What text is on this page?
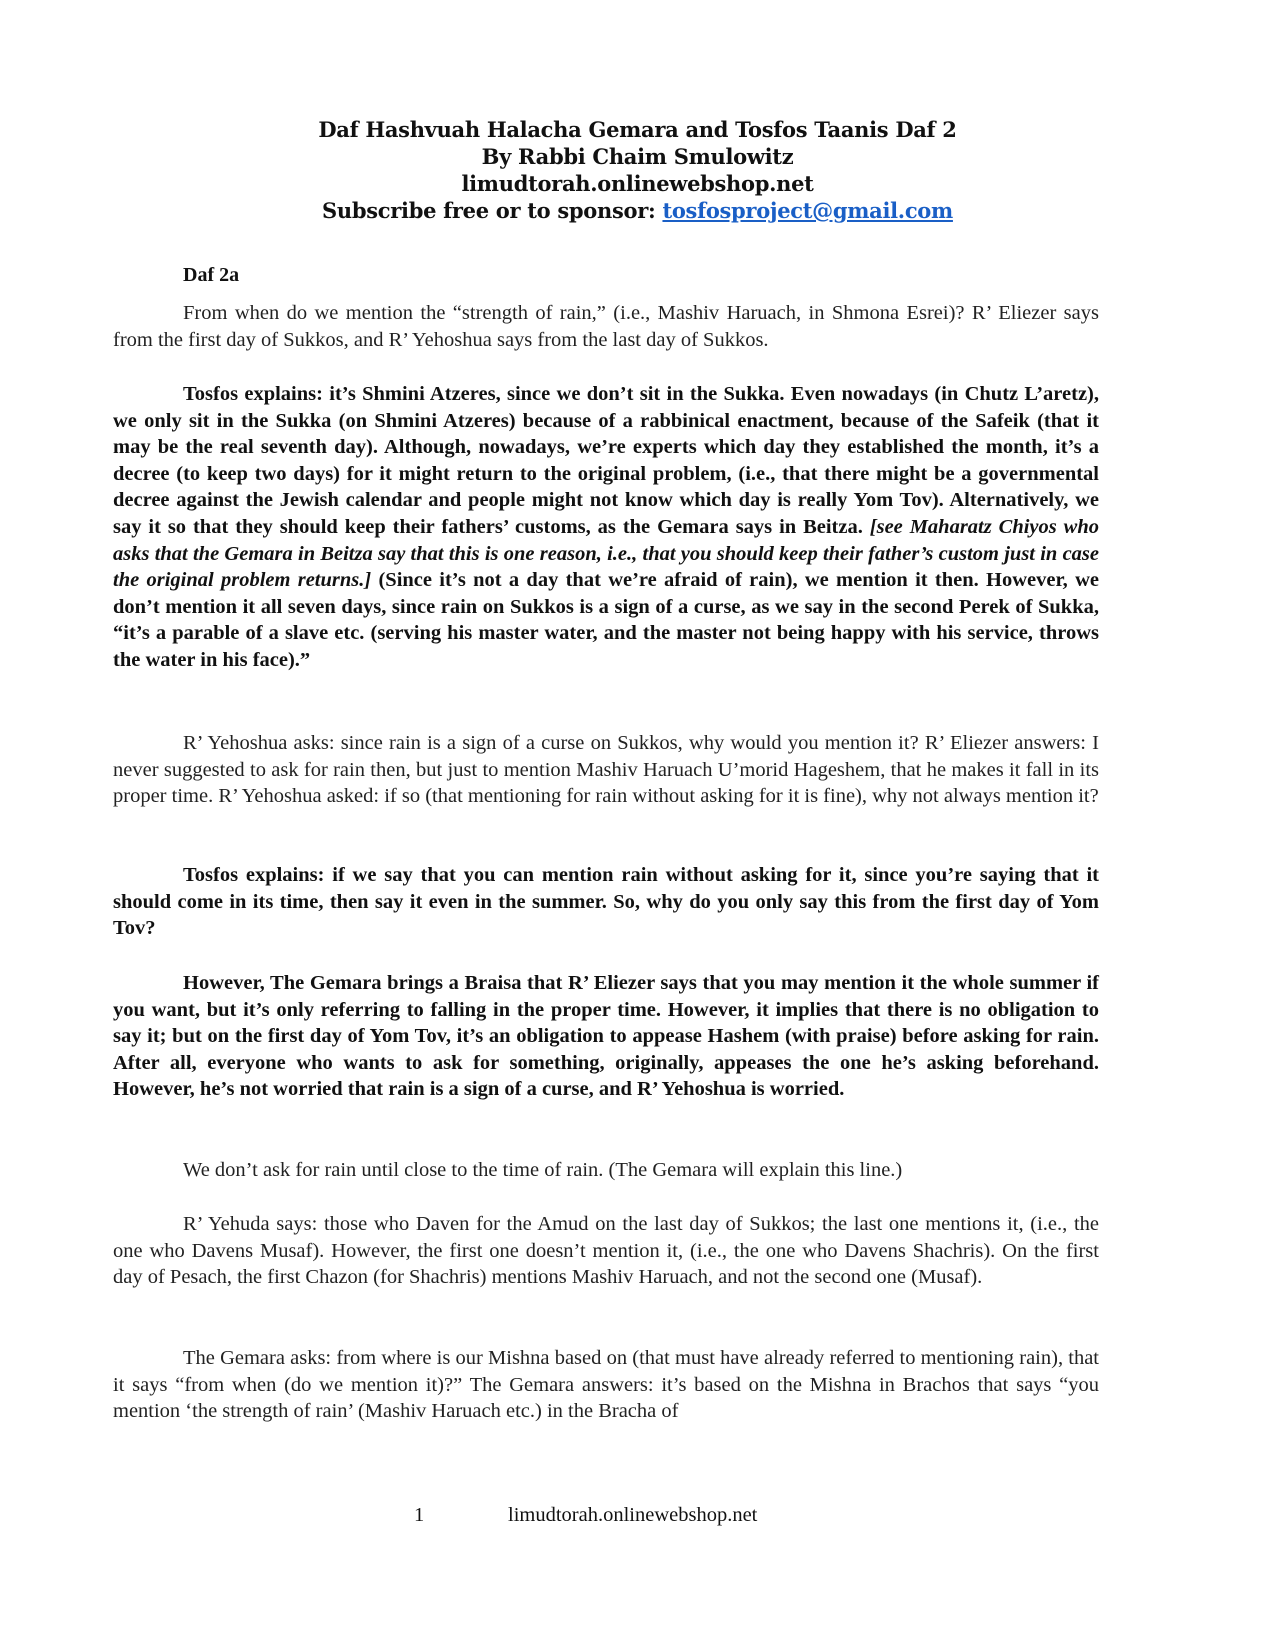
Daf Hashvuah Halacha Gemara and Tosfos Taanis Daf 2
By Rabbi Chaim Smulowitz
limudtorah.onlinewebshop.net
Subscribe free or to sponsor: tosfosproject@gmail.com
Daf 2a

From when do we mention the “strength of rain,” (i.e., Mashiv Haruach, in Shmona Esrei)? R’ Eliezer says from the first day of Sukkos, and R’ Yehoshua says from the last day of Sukkos.

Tosfos explains: it’s Shmini Atzeres, since we don’t sit in the Sukka. Even nowadays (in Chutz L’aretz), we only sit in the Sukka (on Shmini Atzeres) because of a rabbinical enactment, because of the Safeik (that it may be the real seventh day). Although, nowadays, we’re experts which day they established the month, it’s a decree (to keep two days) for it might return to the original problem, (i.e., that there might be a governmental decree against the Jewish calendar and people might not know which day is really Yom Tov). Alternatively, we say it so that they should keep their fathers’ customs, as the Gemara says in Beitza. [see Maharatz Chiyos who asks that the Gemara in Beitza say that this is one reason, i.e., that you should keep their father’s custom just in case the original problem returns.] (Since it’s not a day that we’re afraid of rain), we mention it then. However, we don’t mention it all seven days, since rain on Sukkos is a sign of a curse, as we say in the second Perek of Sukka, “it’s a parable of a slave etc. (serving his master water, and the master not being happy with his service, throws the water in his face).”

R’ Yehoshua asks: since rain is a sign of a curse on Sukkos, why would you mention it? R’ Eliezer answers: I never suggested to ask for rain then, but just to mention Mashiv Haruach U’morid Hageshem, that he makes it fall in its proper time. R’ Yehoshua asked: if so (that mentioning for rain without asking for it is fine), why not always mention it?

Tosfos explains: if we say that you can mention rain without asking for it, since you’re saying that it should come in its time, then say it even in the summer. So, why do you only say this from the first day of Yom Tov?

However, The Gemara brings a Braisa that R’ Eliezer says that you may mention it the whole summer if you want, but it’s only referring to falling in the proper time. However, it implies that there is no obligation to say it; but on the first day of Yom Tov, it’s an obligation to appease Hashem (with praise) before asking for rain. After all, everyone who wants to ask for something, originally, appeases the one he’s asking beforehand. However, he’s not worried that rain is a sign of a curse, and R’ Yehoshua is worried.

We don’t ask for rain until close to the time of rain. (The Gemara will explain this line.)

R’ Yehuda says: those who Daven for the Amud on the last day of Sukkos; the last one mentions it, (i.e., the one who Davens Musaf). However, the first one doesn’t mention it, (i.e., the one who Davens Shachris). On the first day of Pesach, the first Chazon (for Shachris) mentions Mashiv Haruach, and not the second one (Musaf).

The Gemara asks: from where is our Mishna based on (that must have already referred to mentioning rain), that it says “from when (do we mention it)?” The Gemara answers: it’s based on the Mishna in Brachos that says “you mention ‘the strength of rain’ (Mashiv Haruach etc.) in the Bracha of

1	limudtorah.onlinewebshop.net
